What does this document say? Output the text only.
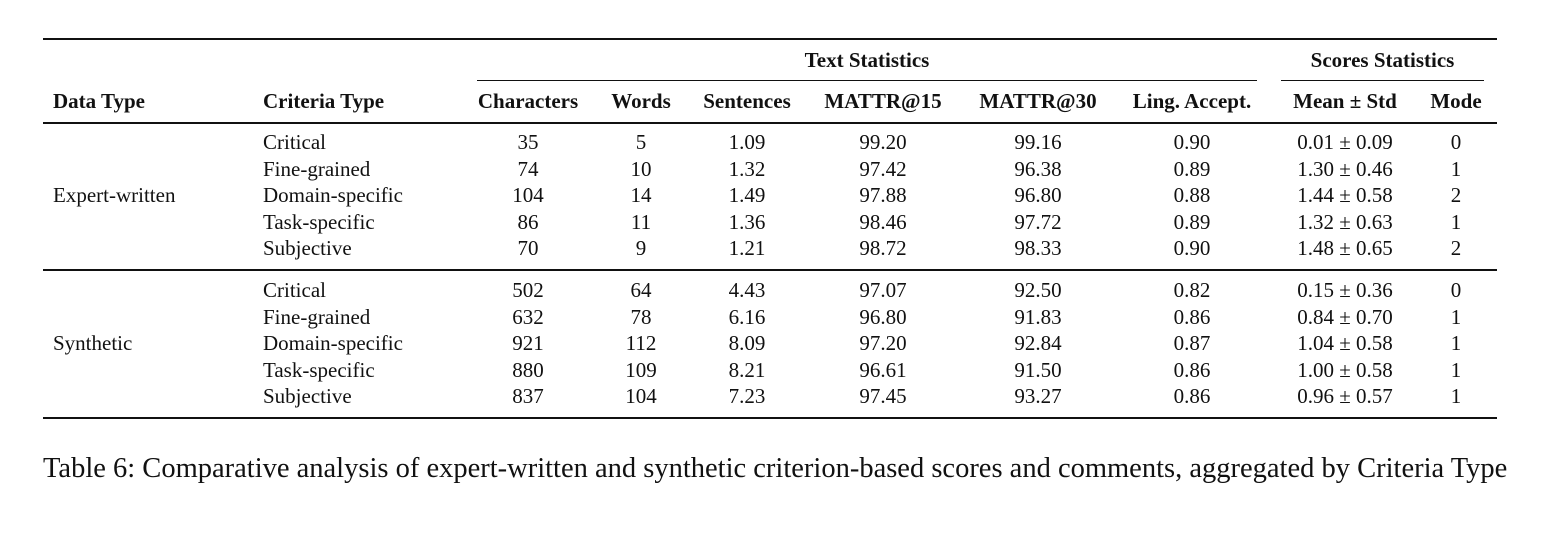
Text Statistics	Scores Statistics
Data Type	Criteria Type	Characters	Words	Sentences	MATTR@15	MATTR@30	Ling. Accept.	Mean ± Std	Mode
Expert-written
Critical	35	5	1.09	99.20	99.16	0.90	0.01 ± 0.09	0
Fine-grained	74	10	1.32	97.42	96.38	0.89	1.30 ± 0.46	1
Domain-specific	104	14	1.49	97.88	96.80	0.88	1.44 ± 0.58	2
Task-specific	86	11	1.36	98.46	97.72	0.89	1.32 ± 0.63	1
Subjective	70	9	1.21	98.72	98.33	0.90	1.48 ± 0.65	2
Synthetic
Critical	502	64	4.43	97.07	92.50	0.82	0.15 ± 0.36	0
Fine-grained	632	78	6.16	96.80	91.83	0.86	0.84 ± 0.70	1
Domain-specific	921	112	8.09	97.20	92.84	0.87	1.04 ± 0.58	1
Task-specific	880	109	8.21	96.61	91.50	0.86	1.00 ± 0.58	1
Subjective	837	104	7.23	97.45	93.27	0.86	0.96 ± 0.57	1
Table 6: Comparative analysis of expert-written and synthetic criterion-based scores and comments, aggregated by Criteria Type
